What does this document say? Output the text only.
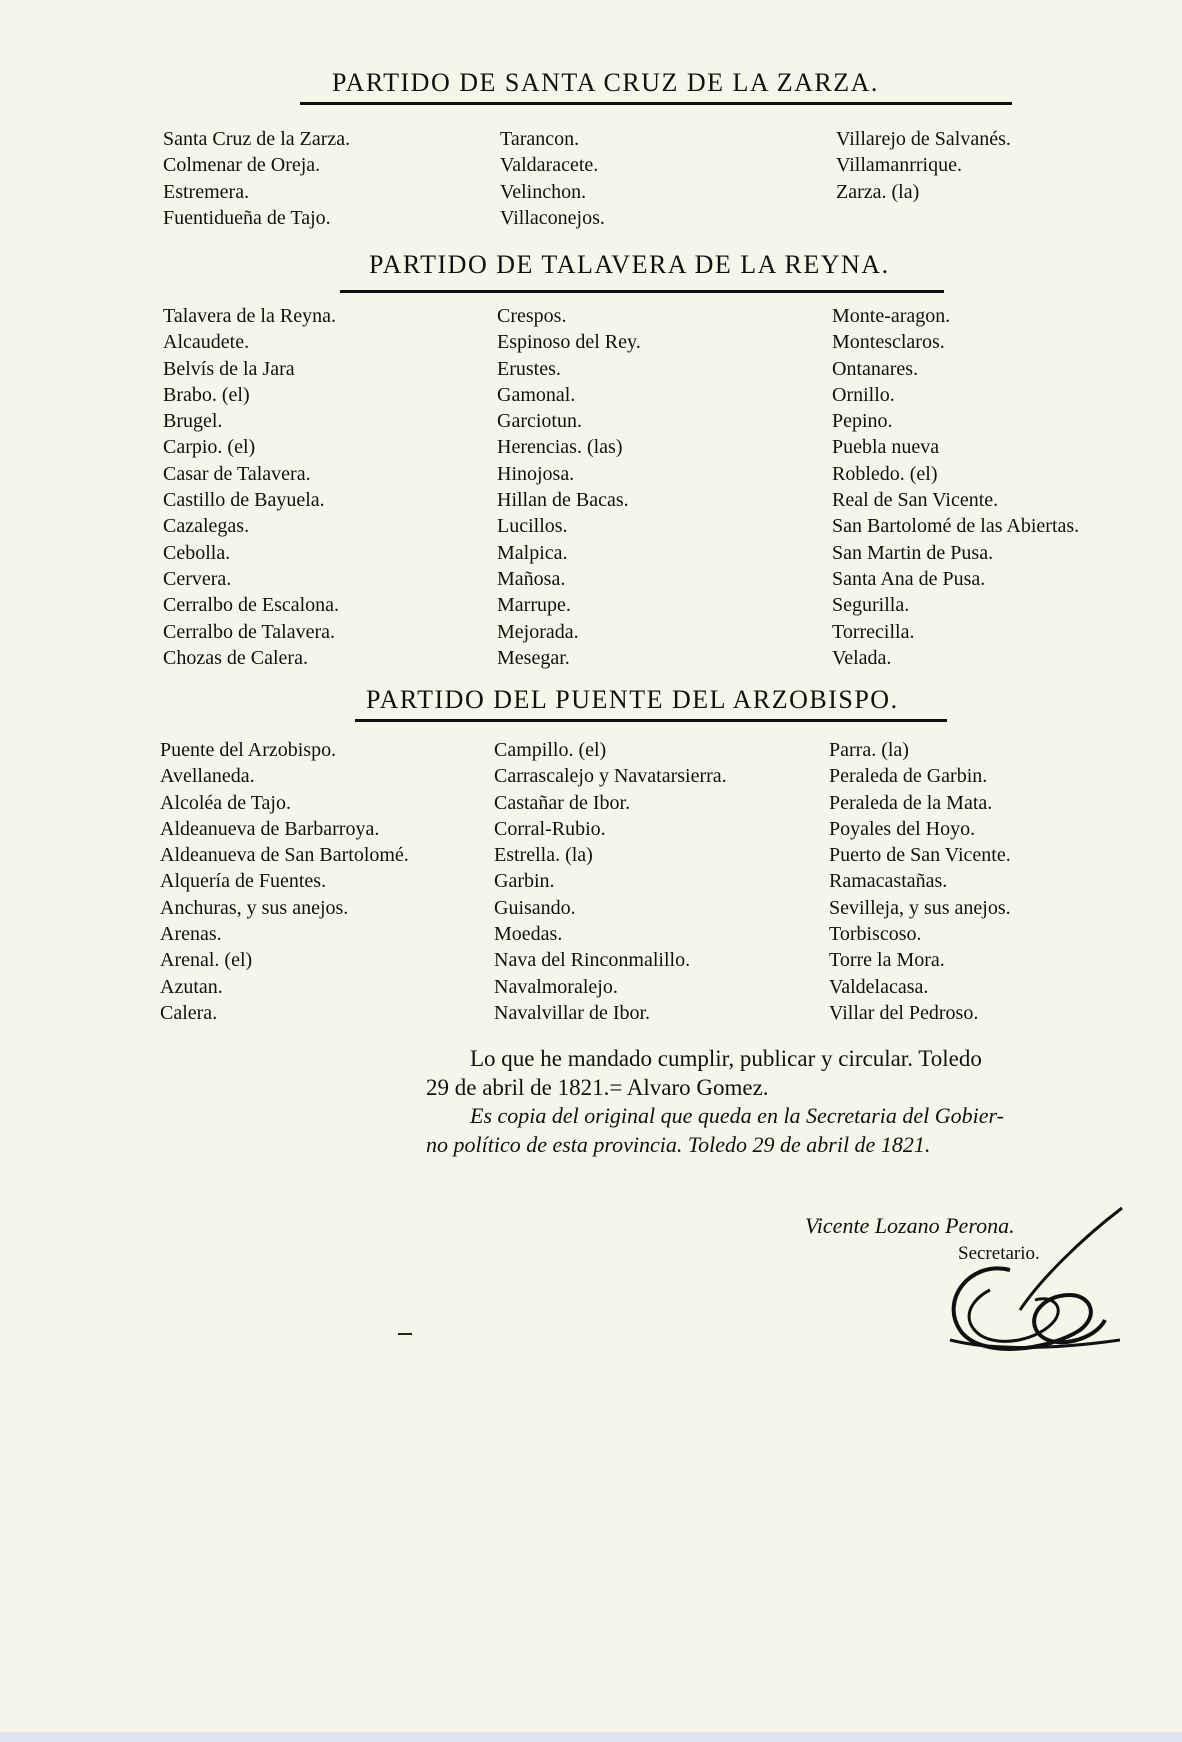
PARTIDO DE SANTA CRUZ DE LA ZARZA.
Santa Cruz de la Zarza.
Colmenar de Oreja.
Estremera.
Fuentidueña de Tajo.
Tarancon.
Valdaracete.
Velinchon.
Villaconejos.
Villarejo de Salvanés.
Villamanrrique.
Zarza. (la)
PARTIDO DE TALAVERA DE LA REYNA.
Talavera de la Reyna.
Alcaudete.
Belvís de la Jara
Brabo. (el)
Brugel.
Carpio. (el)
Casar de Talavera.
Castillo de Bayuela.
Cazalegas.
Cebolla.
Cervera.
Cerralbo de Escalona.
Cerralbo de Talavera.
Chozas de Calera.
Crespos.
Espinoso del Rey.
Erustes.
Gamonal.
Garciotun.
Herencias. (las)
Hinojosa.
Hillan de Bacas.
Lucillos.
Malpica.
Mañosa.
Marrupe.
Mejorada.
Mesegar.
Monte-aragon.
Montesclaros.
Ontanares.
Ornillo.
Pepino.
Puebla nueva
Robledo. (el)
Real de San Vicente.
San Bartolomé de las Abiertas.
San Martin de Pusa.
Santa Ana de Pusa.
Segurilla.
Torrecilla.
Velada.
PARTIDO DEL PUENTE DEL ARZOBISPO.
Puente del Arzobispo.
Avellaneda.
Alcoléa de Tajo.
Aldeanueva de Barbarroya.
Aldeanueva de San Bartolomé.
Alquería de Fuentes.
Anchuras, y sus anejos.
Arenas.
Arenal. (el)
Azutan.
Calera.
Campillo. (el)
Carrascalejo y Navatarsierra.
Castañar de Ibor.
Corral-Rubio.
Estrella. (la)
Garbin.
Guisando.
Moedas.
Nava del Rinconmalillo.
Navalmoralejo.
Navalvillar de Ibor.
Parra. (la)
Peraleda de Garbin.
Peraleda de la Mata.
Poyales del Hoyo.
Puerto de San Vicente.
Ramacastañas.
Sevilleja, y sus anejos.
Torbiscoso.
Torre la Mora.
Valdelacasa.
Villar del Pedroso.
Lo que he mandado cumplir, publicar y circular. Toledo
29 de abril de 1821.= Alvaro Gomez.
Es copia del original que queda en la Secretaria del Gobier-
no político de esta provincia. Toledo 29 de abril de 1821.
Vicente Lozano Perona.
Secretario.
